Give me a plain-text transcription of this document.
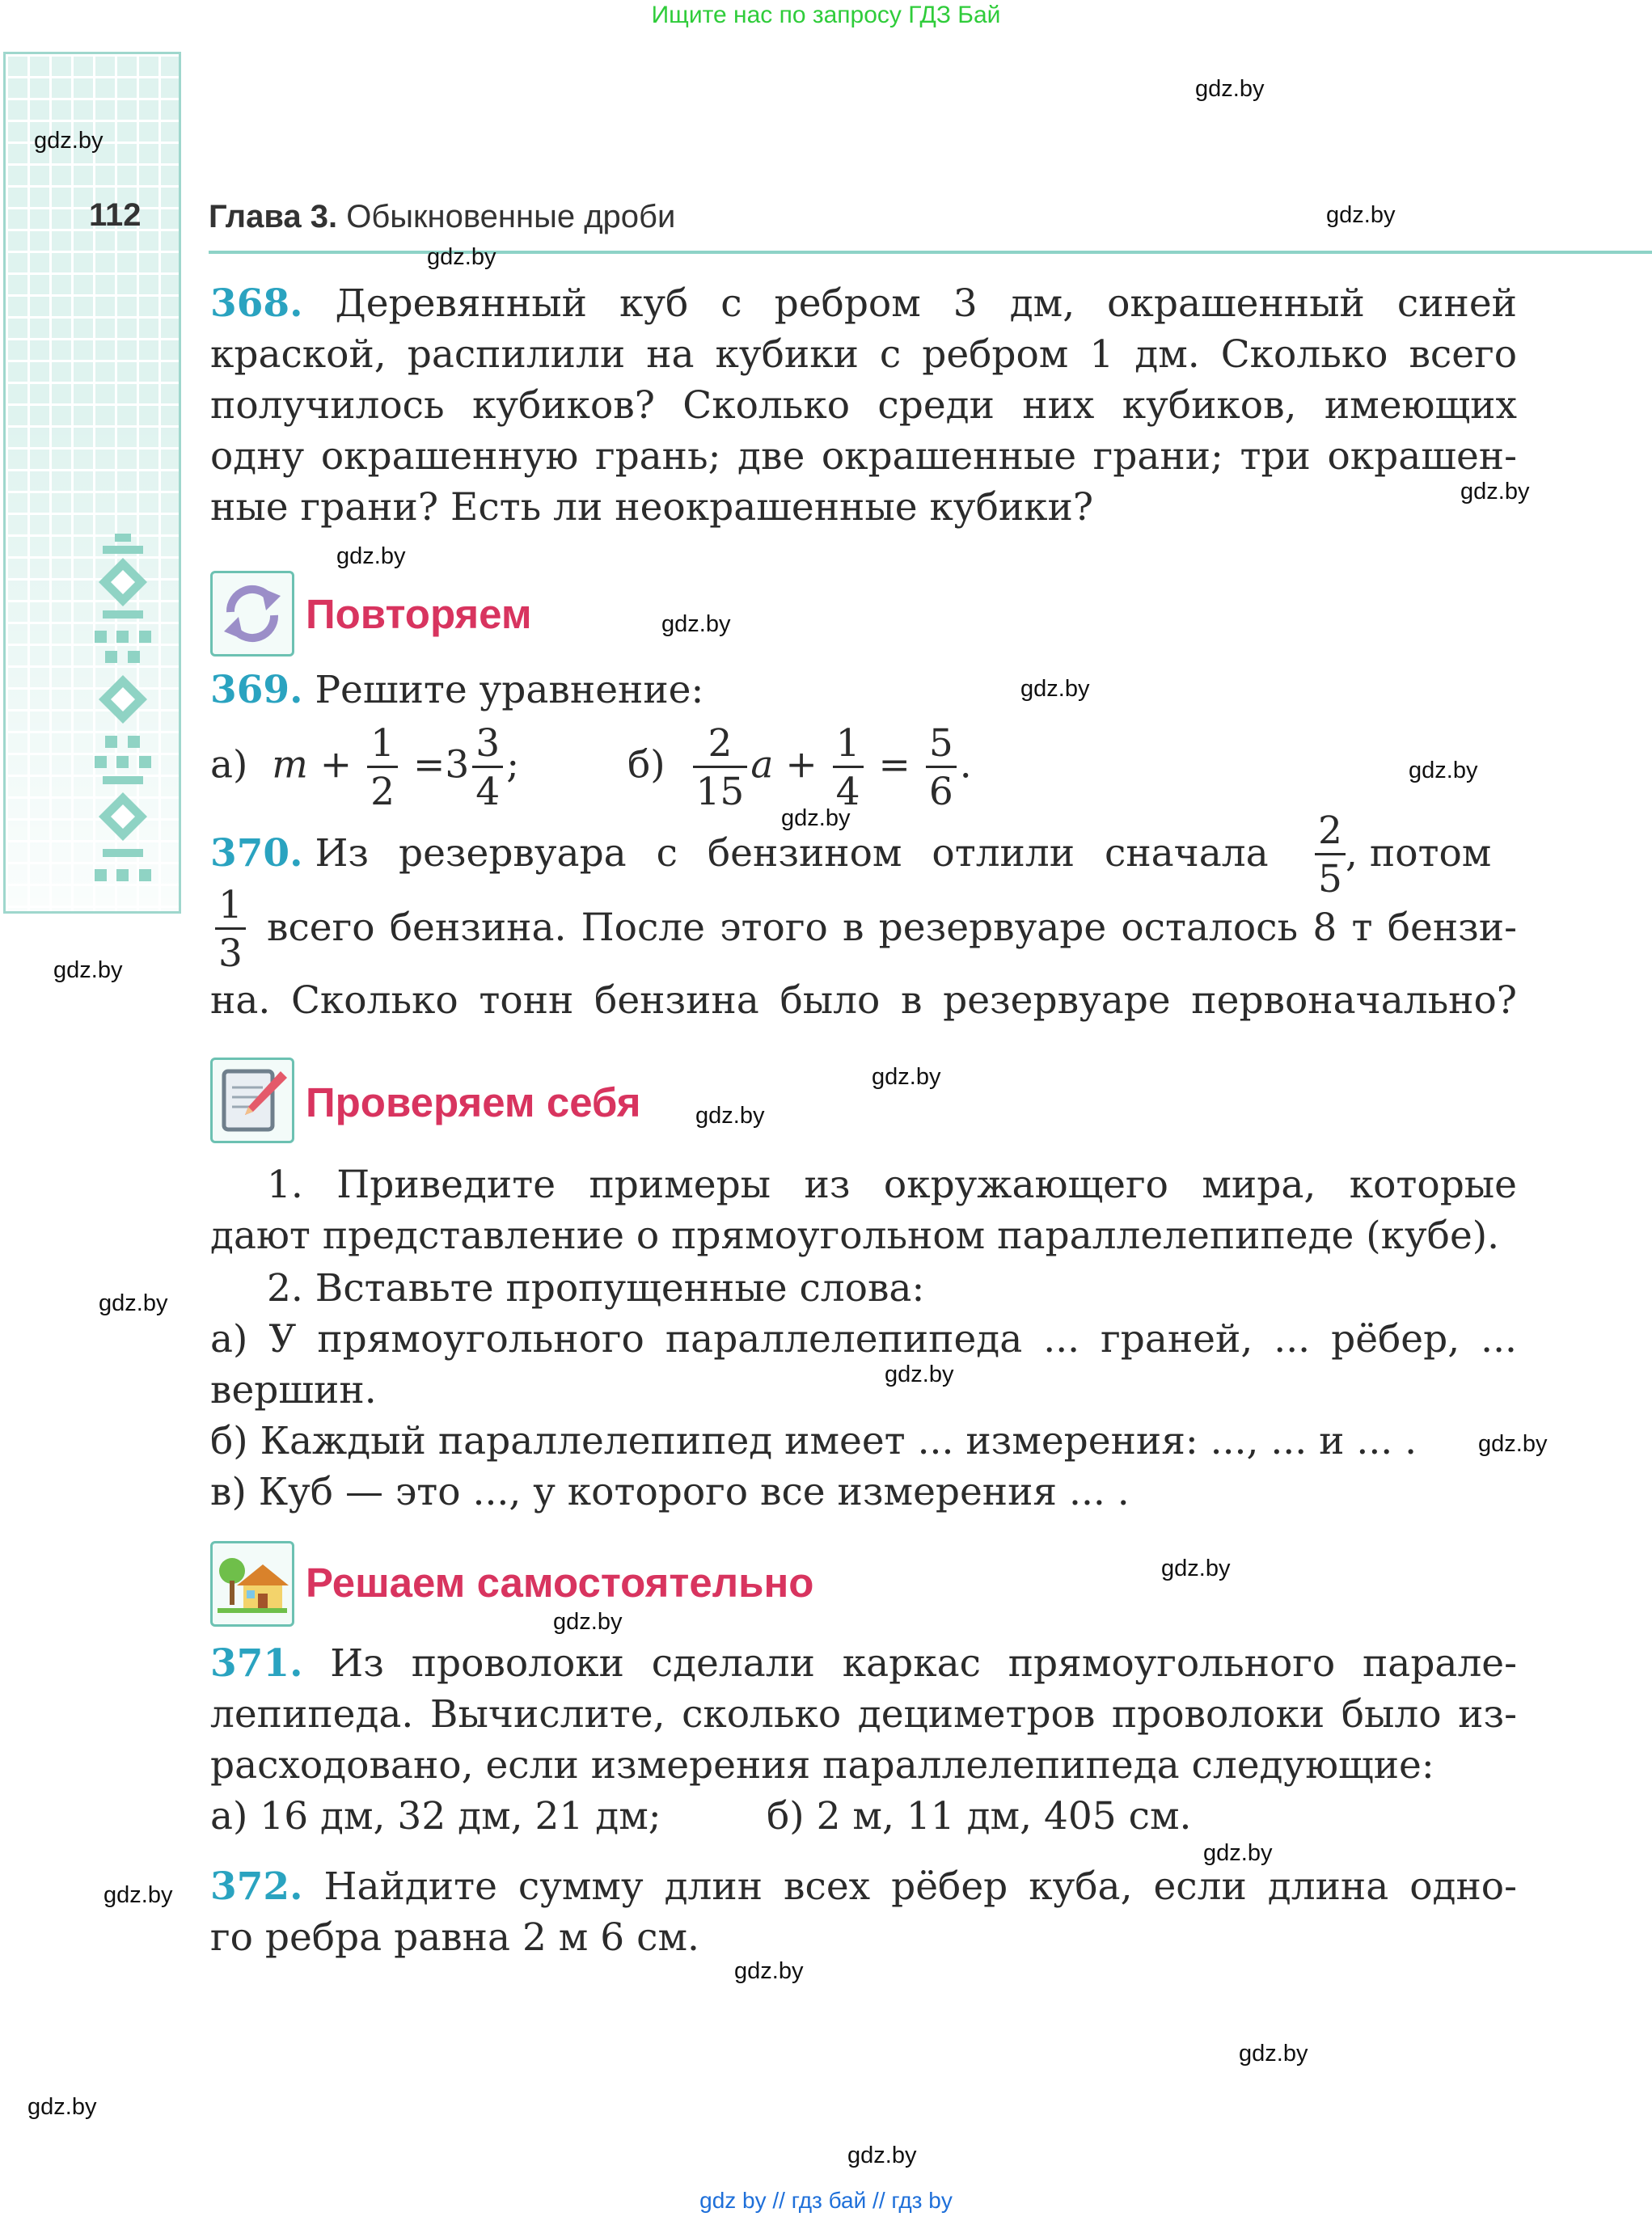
Ищите нас по запросу ГДЗ Бай
112 Глава 3. Обыкновенные дроби
gdz.by
gdz.by
gdz.by
gdz.by
gdz.by
gdz.by
gdz.by
gdz.by
gdz.by
gdz.by
gdz.by
gdz.by
gdz.by
gdz.by
gdz.by
gdz.by
gdz.by
gdz.by
gdz.by
gdz.by
gdz.by
gdz.by
gdz.by
gdz.by
368. Деревянный куб с ребром 3 дм, окрашенный синей
краской, распилили на кубики с ребром 1 дм. Сколько всего
получилось кубиков? Сколько среди них кубиков, имеющих
одну окрашенную грань; две окрашенные грани; три окрашен-
ные грани? Есть ли неокрашенные кубики?
Повторяем
369. Решите уравнение:
а) $m + \frac{1}{2} =3 \frac{3}{4}$ ;	$б) \frac{2}{15}$ $a + \frac{1}{4} = \frac{5}{6}$ .
370. Из резервуара с бензином отлили сначала	$\frac{2}{5}$ , потом
$\frac{1}{3}$ всего бензина. После этого в резервуаре осталось 8 т бензи-
на. Сколько тонн бензина было в резервуаре первоначально?
Проверяем себя
1. Приведите примеры из окружающего мира, которые
дают представление о прямоугольном параллелепипеде (кубе).
2. Вставьте пропущенные слова:
а) У прямоугольного параллелепипеда ... граней, ... рёбер, ...
вершин.
б) Каждый параллелепипед имеет ... измерения: ..., ... и ... .
в) Куб — это ..., у которого все измерения ... .
Решаем самостоятельно
371. Из проволоки сделали каркас прямоугольного парале-
лепипеда. Вычислите, сколько дециметров проволоки было из-
расходовано, если измерения параллелепипеда следующие:
а) 16 дм, 32 дм, 21 дм;	б) 2 м, 11 дм, 405 см.
372. Найдите сумму длин всех рёбер куба, если длина одно-
го ребра равна 2 м 6 см.
gdz by // гдз бай // гдз by
